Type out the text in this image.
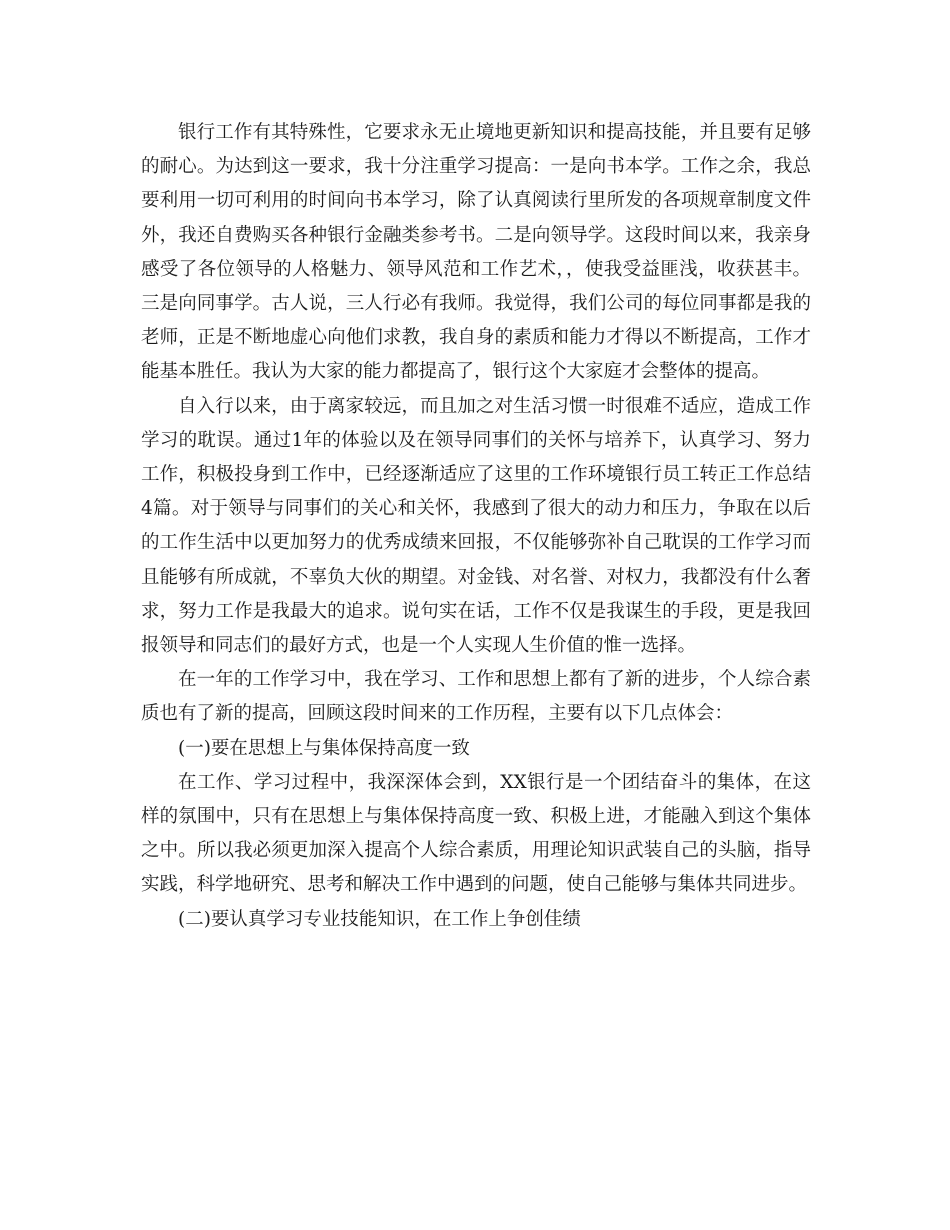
银行工作有其特殊性，它要求永无止境地更新知识和提高技能，并且要有足够的耐心。为达到这一要求，我十分注重学习提高：一是向书本学。工作之余，我总要利用一切可利用的时间向书本学习，除了认真阅读行里所发的各项规章制度文件外，我还自费购买各种银行金融类参考书。二是向领导学。这段时间以来，我亲身感受了各位领导的人格魅力、领导风范和工作艺术，，使我受益匪浅，收获甚丰。三是向同事学。古人说，三人行必有我师。我觉得，我们公司的每位同事都是我的老师，正是不断地虚心向他们求教，我自身的素质和能力才得以不断提高，工作才能基本胜任。我认为大家的能力都提高了，银行这个大家庭才会整体的提高。

自入行以来，由于离家较远，而且加之对生活习惯一时很难不适应，造成工作学习的耽误。通过1年的体验以及在领导同事们的关怀与培养下，认真学习、努力工作，积极投身到工作中，已经逐渐适应了这里的工作环境银行员工转正工作总结4篇。对于领导与同事们的关心和关怀，我感到了很大的动力和压力，争取在以后的工作生活中以更加努力的优秀成绩来回报，不仅能够弥补自己耽误的工作学习而且能够有所成就，不辜负大伙的期望。对金钱、对名誉、对权力，我都没有什么奢求，努力工作是我最大的追求。说句实在话，工作不仅是我谋生的手段，更是我回报领导和同志们的最好方式，也是一个人实现人生价值的惟一选择。

在一年的工作学习中，我在学习、工作和思想上都有了新的进步，个人综合素质也有了新的提高，回顾这段时间来的工作历程，主要有以下几点体会：

(一)要在思想上与集体保持高度一致

在工作、学习过程中，我深深体会到，XX银行是一个团结奋斗的集体，在这样的氛围中，只有在思想上与集体保持高度一致、积极上进，才能融入到这个集体之中。所以我必须更加深入提高个人综合素质，用理论知识武装自己的头脑，指导实践，科学地研究、思考和解决工作中遇到的问题，使自己能够与集体共同进步。

(二)要认真学习专业技能知识，在工作上争创佳绩
